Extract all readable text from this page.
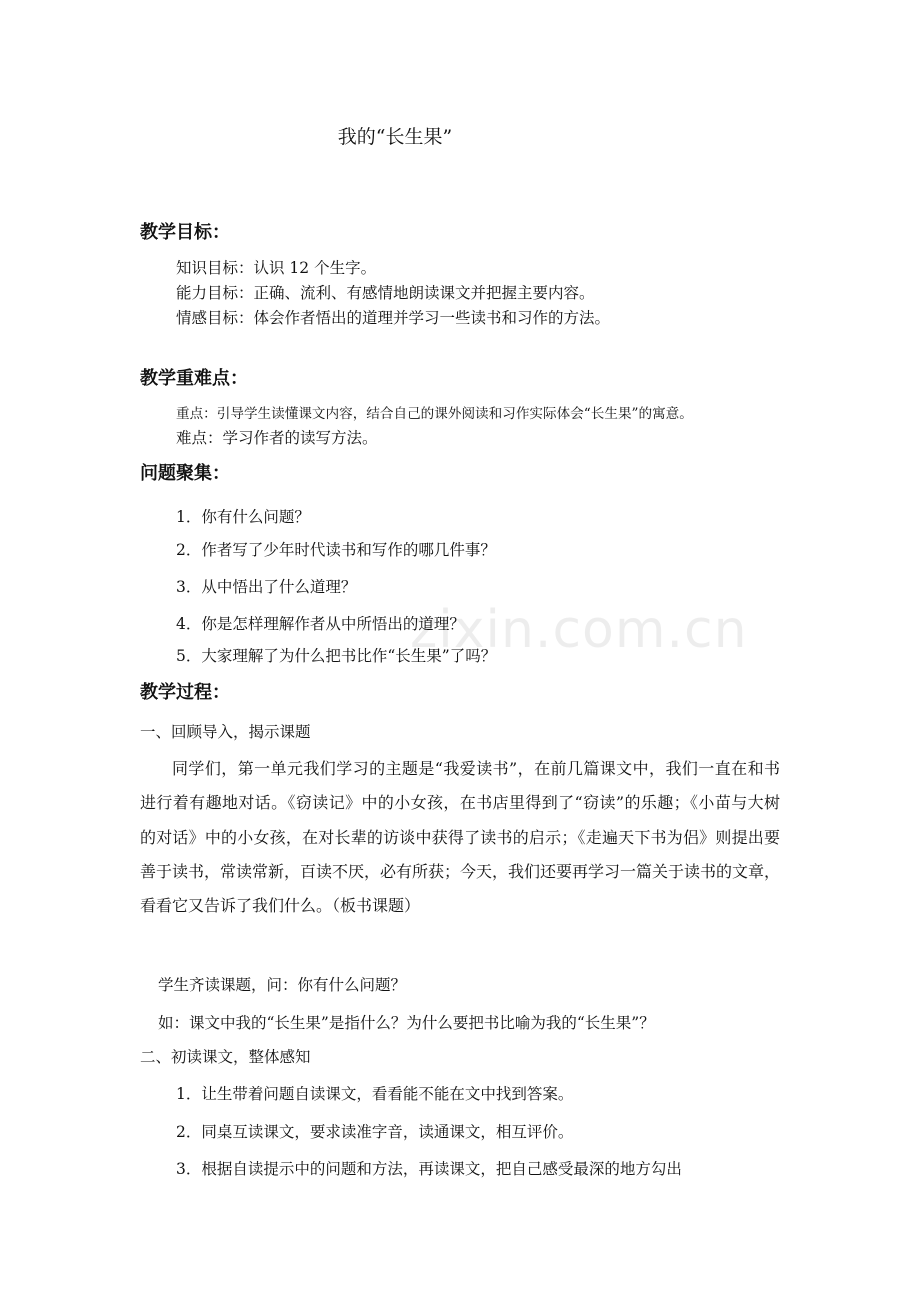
我的“长生果”
教学目标：
知识目标：认识 12 个生字。
能力目标：正确、流利、有感情地朗读课文并把握主要内容。
情感目标：体会作者悟出的道理并学习一些读书和习作的方法。
教学重难点：
重点：引导学生读懂课文内容，结合自己的课外阅读和习作实际体会“长生果”的寓意。
难点：学习作者的读写方法。
问题聚集：
1．你有什么问题？
2．作者写了少年时代读书和写作的哪几件事？
3．从中悟出了什么道理？
4．你是怎样理解作者从中所悟出的道理？
5．大家理解了为什么把书比作“长生果”了吗？
教学过程：
一、回顾导入，揭示课题

同学们，第一单元我们学习的主题是“我爱读书”，在前几篇课文中，我们一直在和书进行着有趣地对话。《窃读记》中的小女孩，在书店里得到了“窃读”的乐趣；《小苗与大树的对话》中的小女孩，在对长辈的访谈中获得了读书的启示；《走遍天下书为侣》则提出要善于读书，常读常新，百读不厌，必有所获；今天，我们还要再学习一篇关于读书的文章，看看它又告诉了我们什么。（板书课题）

学生齐读课题，问：你有什么问题？
如：课文中我的“长生果”是指什么？为什么要把书比喻为我的“长生果”？
二、初读课文，整体感知
1．让生带着问题自读课文，看看能不能在文中找到答案。
2．同桌互读课文，要求读准字音，读通课文，相互评价。
3．根据自读提示中的问题和方法，再读课文，把自己感受最深的地方勾出
zixin.com.cn
